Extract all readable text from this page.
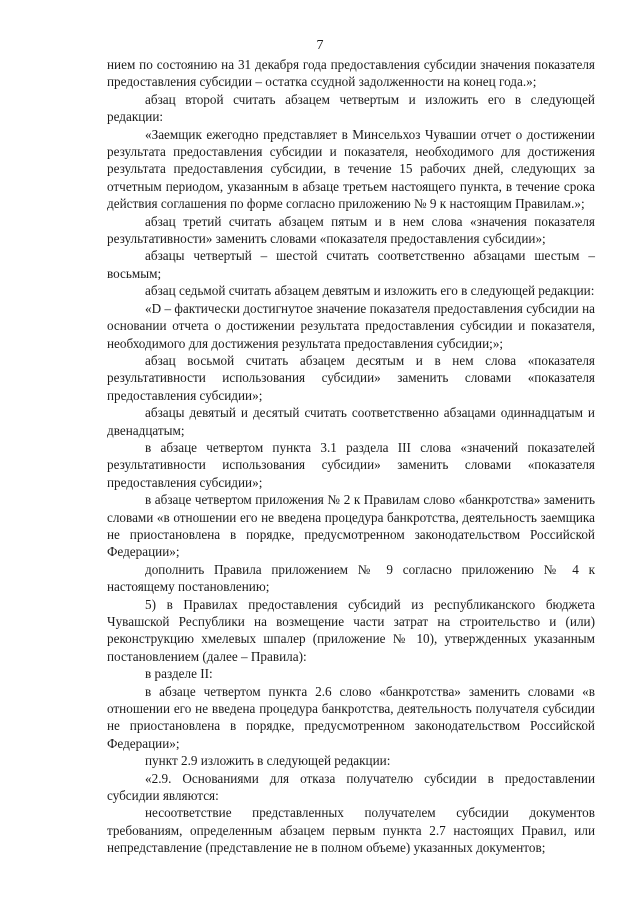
7

нием по состоянию на 31 декабря года предоставления субсидии значения показателя предоставления субсидии – остатка ссудной задолженности на конец года.»;

абзац второй считать абзацем четвертым и изложить его в следующей редакции:

«Заемщик ежегодно представляет в Минсельхоз Чувашии отчет о достижении результата предоставления субсидии и показателя, необходимого для достижения результата предоставления субсидии, в течение 15 рабочих дней, следующих за отчетным периодом, указанным в абзаце третьем настоящего пункта, в течение срока действия соглашения по форме согласно приложению № 9 к настоящим Правилам.»;

абзац третий считать абзацем пятым и в нем слова «значения показателя результативности» заменить словами «показателя предоставления субсидии»;

абзацы четвертый – шестой считать соответственно абзацами шестым – восьмым;

абзац седьмой считать абзацем девятым и изложить его в следующей редакции:

«D – фактически достигнутое значение показателя предоставления субсидии на основании отчета о достижении результата предоставления субсидии и показателя, необходимого для достижения результата предоставления субсидии;»;

абзац восьмой считать абзацем десятым и в нем слова «показателя результативности использования субсидии» заменить словами «показателя предоставления субсидии»;

абзацы девятый и десятый считать соответственно абзацами одиннадцатым и двенадцатым;

в абзаце четвертом пункта 3.1 раздела III слова «значений показателей результативности использования субсидии» заменить словами «показателя предоставления субсидии»;

в абзаце четвертом приложения № 2 к Правилам слово «банкротства» заменить словами «в отношении его не введена процедура банкротства, деятельность заемщика не приостановлена в порядке, предусмотренном законодательством Российской Федерации»;

дополнить Правила приложением № 9 согласно приложению № 4 к настоящему постановлению;

5) в Правилах предоставления субсидий из республиканского бюджета Чувашской Республики на возмещение части затрат на строительство и (или) реконструкцию хмелевых шпалер (приложение № 10), утвержденных указанным постановлением (далее – Правила):

в разделе II:

в абзаце четвертом пункта 2.6 слово «банкротства» заменить словами «в отношении его не введена процедура банкротства, деятельность получателя субсидии не приостановлена в порядке, предусмотренном законодательством Российской Федерации»;

пункт 2.9 изложить в следующей редакции:

«2.9. Основаниями для отказа получателю субсидии в предоставлении субсидии являются:

несоответствие представленных получателем субсидии документов требованиям, определенным абзацем первым пункта 2.7 настоящих Правил, или непредставление (представление не в полном объеме) указанных документов;
